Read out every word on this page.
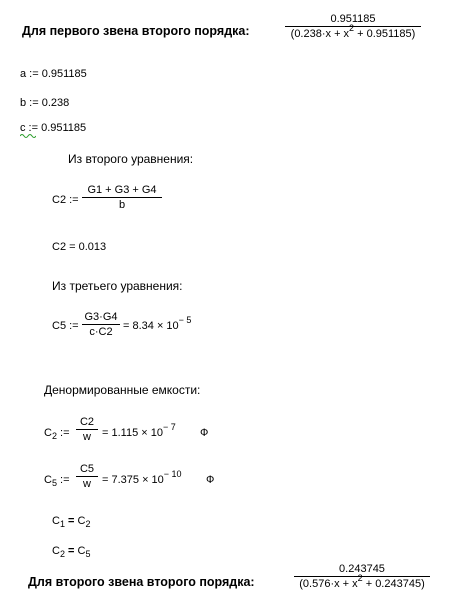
Для первого звена второго порядка:
0.951185
$(0.238\cdot x + x^2 + 0.951185)$
a := 0.951185
b := 0.238
c := 0.951185
Из второго уравнения:
C2 :=
G1 + G3 + G4
b
C2 = 0.013
Из третьего уравнения:
C5 :=
G3·G4
$c\cdot C2 = 8.34 \times 10^{- 5}$
Денормированные емкости:
$C_2$ :=
C2
w	= $1.115 \times 10^{- 7}$ Ф
$C_5$ :=
C5
w	= $7.375 \times 10^{- 10}$ Ф
$C_1 = C_2$
$C_2 = C_5$
Для второго звена второго порядка:
0.243745
$(0.576\cdot x + x^2 + 0.243745)$
